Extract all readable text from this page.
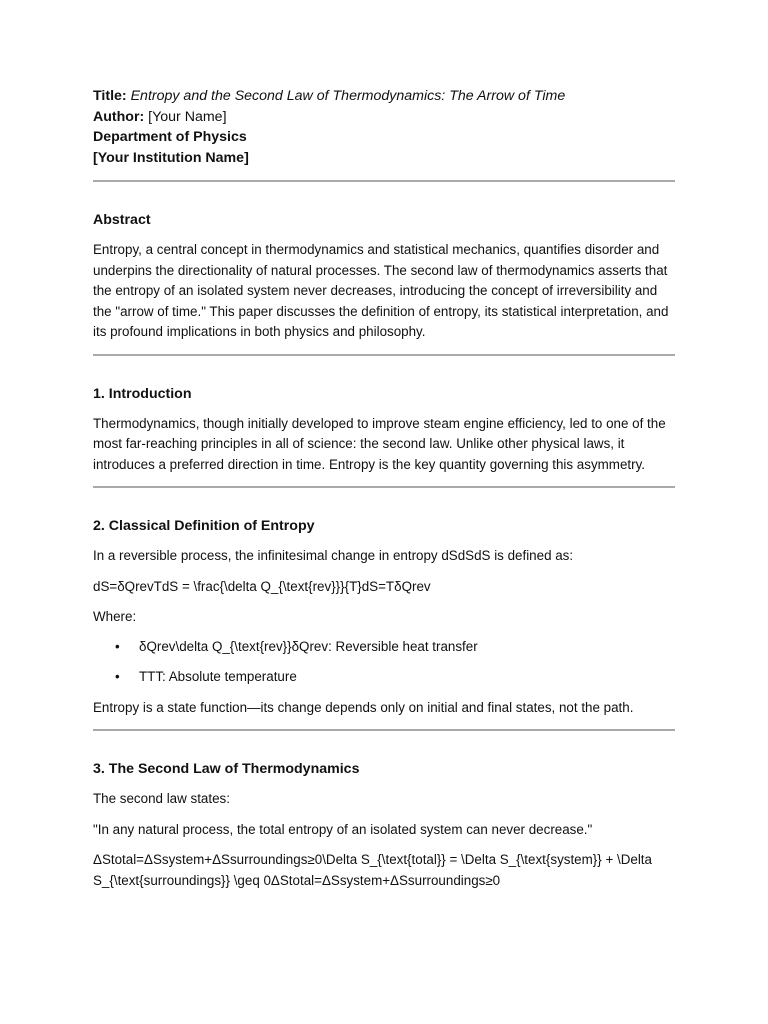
Title: Entropy and the Second Law of Thermodynamics: The Arrow of Time
Author: [Your Name]
Department of Physics
[Your Institution Name]
Abstract

Entropy, a central concept in thermodynamics and statistical mechanics, quantifies disorder and underpins the directionality of natural processes. The second law of thermodynamics asserts that the entropy of an isolated system never decreases, introducing the concept of irreversibility and the "arrow of time." This paper discusses the definition of entropy, its statistical interpretation, and its profound implications in both physics and philosophy.

1. Introduction

Thermodynamics, though initially developed to improve steam engine efficiency, led to one of the most far-reaching principles in all of science: the second law. Unlike other physical laws, it introduces a preferred direction in time. Entropy is the key quantity governing this asymmetry.

2. Classical Definition of Entropy

In a reversible process, the infinitesimal change in entropy dSdSdS is defined as:

dS=δQrevTdS = \frac{\delta Q_{\text{rev}}}{T}dS=TδQrev

Where:

• δQrev\delta Q_{\text{rev}}δQrev: Reversible heat transfer
• TTT: Absolute temperature

Entropy is a state function—its change depends only on initial and final states, not the path.

3. The Second Law of Thermodynamics

The second law states:

"In any natural process, the total entropy of an isolated system can never decrease."

ΔStotal=ΔSsystem+ΔSsurroundings≥0\Delta S_{\text{total}} = \Delta S_{\text{system}} + \Delta S_{\text{surroundings}} \geq 0ΔStotal=ΔSsystem+ΔSsurroundings≥0
